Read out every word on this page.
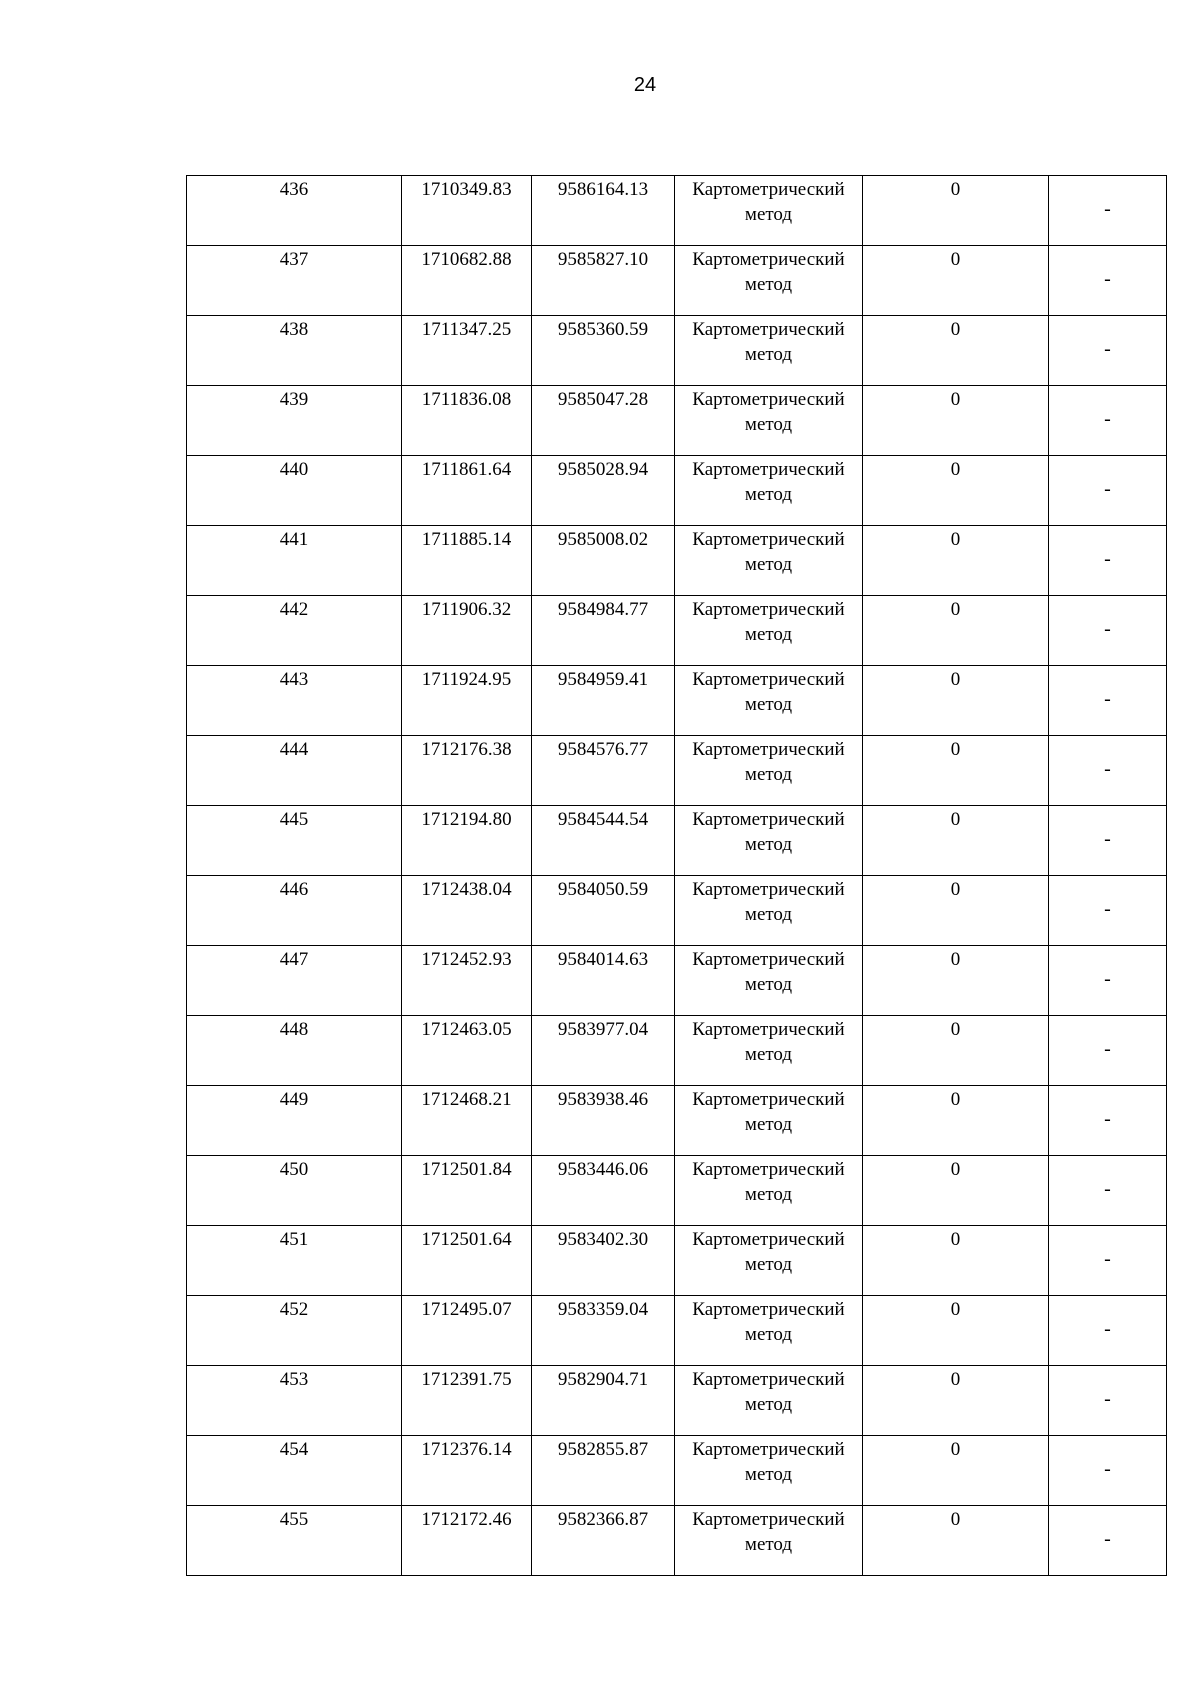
24
436	1710349.83	9586164.13	Картометрический метод	0	-

437	1710682.88	9585827.10	Картометрический метод	0	-

438	1711347.25	9585360.59	Картометрический метод	0	-

439	1711836.08	9585047.28	Картометрический метод	0	-

440	1711861.64	9585028.94	Картометрический метод	0	-

441	1711885.14	9585008.02	Картометрический метод	0	-

442	1711906.32	9584984.77	Картометрический метод	0	-

443	1711924.95	9584959.41	Картометрический метод	0	-

444	1712176.38	9584576.77	Картометрический метод	0	-

445	1712194.80	9584544.54	Картометрический метод	0	-

446	1712438.04	9584050.59	Картометрический метод	0	-

447	1712452.93	9584014.63	Картометрический метод	0	-

448	1712463.05	9583977.04	Картометрический метод	0	-

449	1712468.21	9583938.46	Картометрический метод	0	-

450	1712501.84	9583446.06	Картометрический метод	0	-

451	1712501.64	9583402.30	Картометрический метод	0	-

452	1712495.07	9583359.04	Картометрический метод	0	-

453	1712391.75	9582904.71	Картометрический метод	0	-

454	1712376.14	9582855.87	Картометрический метод	0	-

455	1712172.46	9582366.87	Картометрический метод	0	-
